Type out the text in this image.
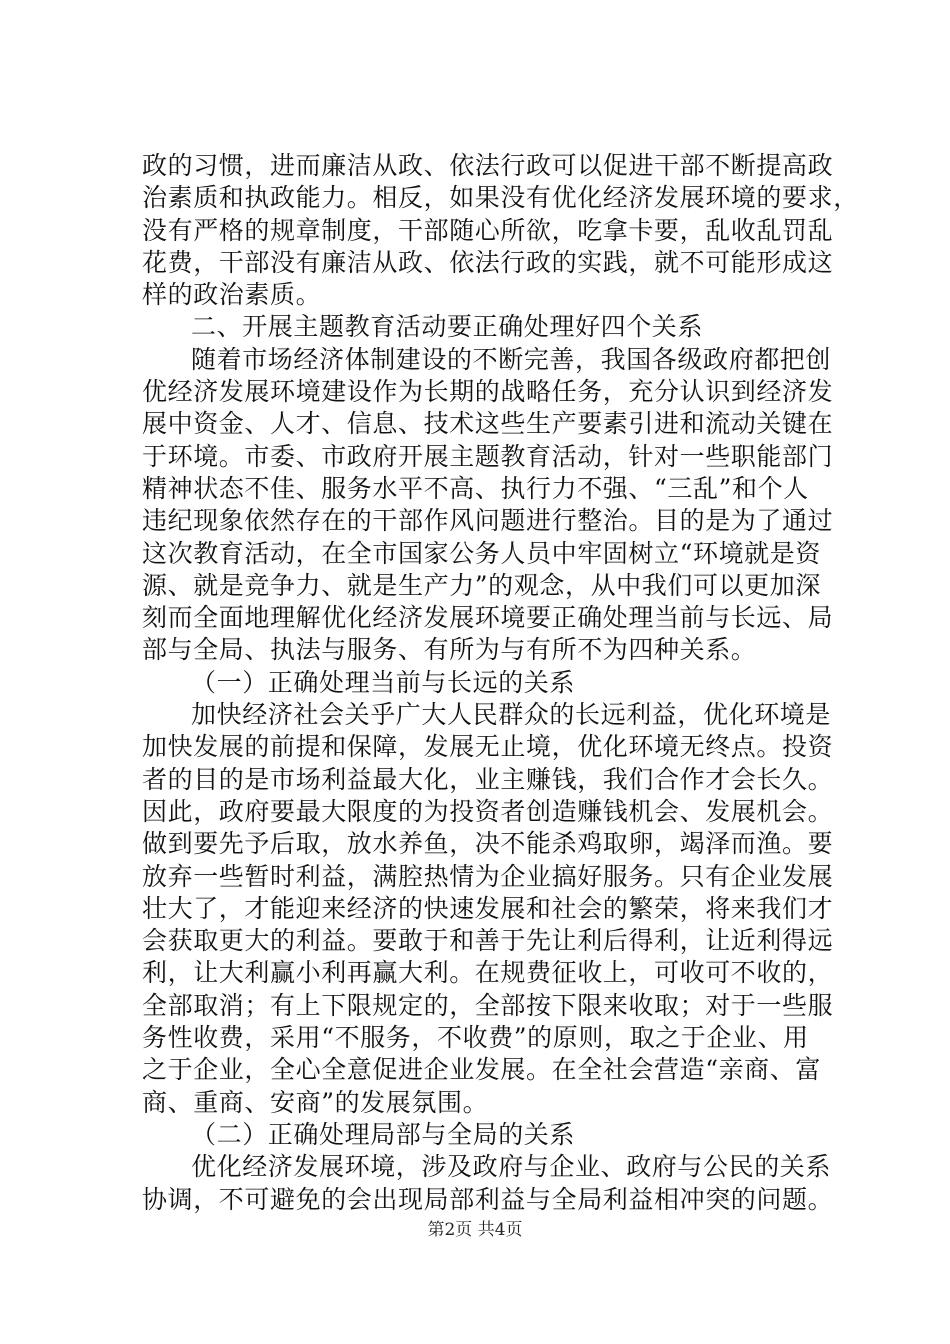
政的习惯，进而廉洁从政、依法行政可以促进干部不断提高政
治素质和执政能力。相反，如果没有优化经济发展环境的要求，
没有严格的规章制度，干部随心所欲，吃拿卡要，乱收乱罚乱
花费，干部没有廉洁从政、依法行政的实践，就不可能形成这
样的政治素质。
二、开展主题教育活动要正确处理好四个关系
随着市场经济体制建设的不断完善，我国各级政府都把创
优经济发展环境建设作为长期的战略任务，充分认识到经济发
展中资金、人才、信息、技术这些生产要素引进和流动关键在
于环境。市委、市政府开展主题教育活动，针对一些职能部门
精神状态不佳、服务水平不高、执行力不强、“三乱”和个人
违纪现象依然存在的干部作风问题进行整治。目的是为了通过
这次教育活动，在全市国家公务人员中牢固树立“环境就是资
源、就是竞争力、就是生产力”的观念，从中我们可以更加深
刻而全面地理解优化经济发展环境要正确处理当前与长远、局
部与全局、执法与服务、有所为与有所不为四种关系。
（一）正确处理当前与长远的关系
加快经济社会关乎广大人民群众的长远利益，优化环境是
加快发展的前提和保障，发展无止境，优化环境无终点。投资
者的目的是市场利益最大化，业主赚钱，我们合作才会长久。
因此，政府要最大限度的为投资者创造赚钱机会、发展机会。
做到要先予后取，放水养鱼，决不能杀鸡取卵，竭泽而渔。要
放弃一些暂时利益，满腔热情为企业搞好服务。只有企业发展
壮大了，才能迎来经济的快速发展和社会的繁荣，将来我们才
会获取更大的利益。要敢于和善于先让利后得利，让近利得远
利，让大利赢小利再赢大利。在规费征收上，可收可不收的，
全部取消；有上下限规定的，全部按下限来收取；对于一些服
务性收费，采用“不服务，不收费”的原则，取之于企业、用
之于企业，全心全意促进企业发展。在全社会营造“亲商、富
商、重商、安商”的发展氛围。
（二）正确处理局部与全局的关系
优化经济发展环境，涉及政府与企业、政府与公民的关系
协调，不可避免的会出现局部利益与全局利益相冲突的问题。
第2页 共4页
